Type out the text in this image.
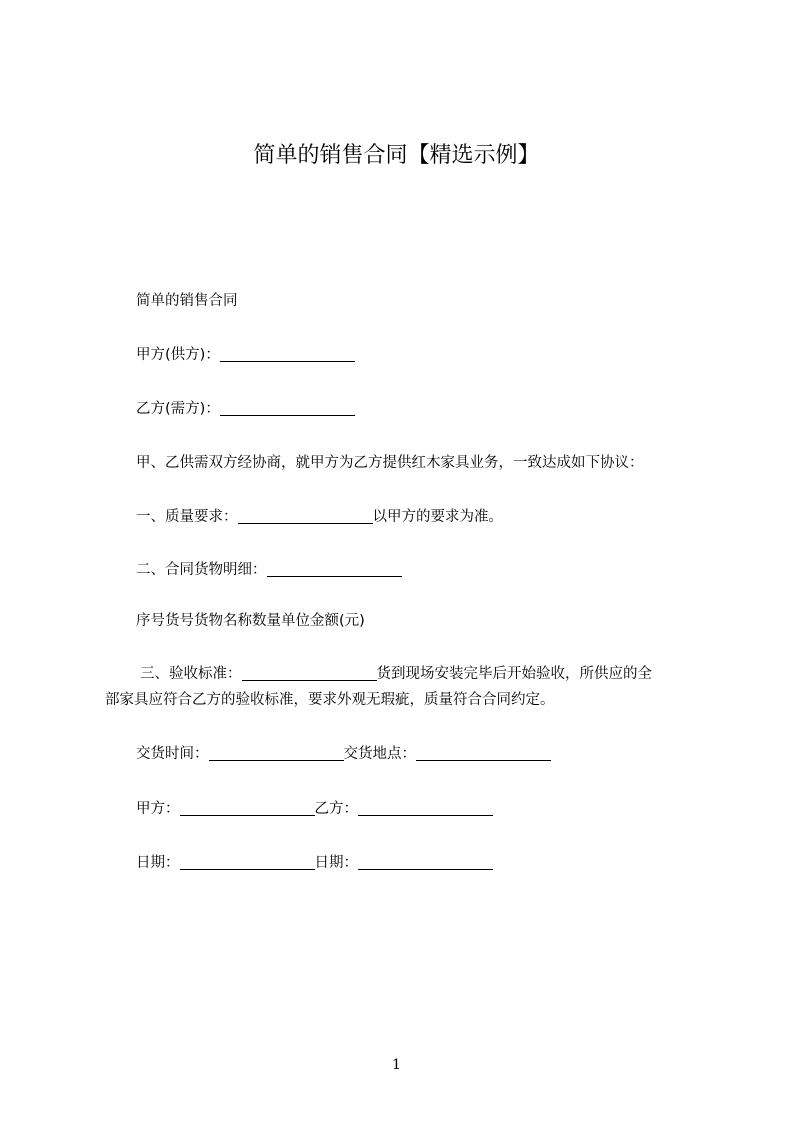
简单的销售合同【精选示例】
简单的销售合同
甲方(供方)：
乙方(需方)：
甲、乙供需双方经协商，就甲方为乙方提供红木家具业务，一致达成如下协议：
一、质量要求：	以甲方的要求为准。
二、合同货物明细：
序号货号货物名称数量单位金额(元)
三、验收标准：	货到现场安装完毕后开始验收，所供应的全
部家具应符合乙方的验收标准，要求外观无瑕疵，质量符合合同约定。
交货时间：	交货地点：
甲方：	乙方：
日期：	日期：
1
